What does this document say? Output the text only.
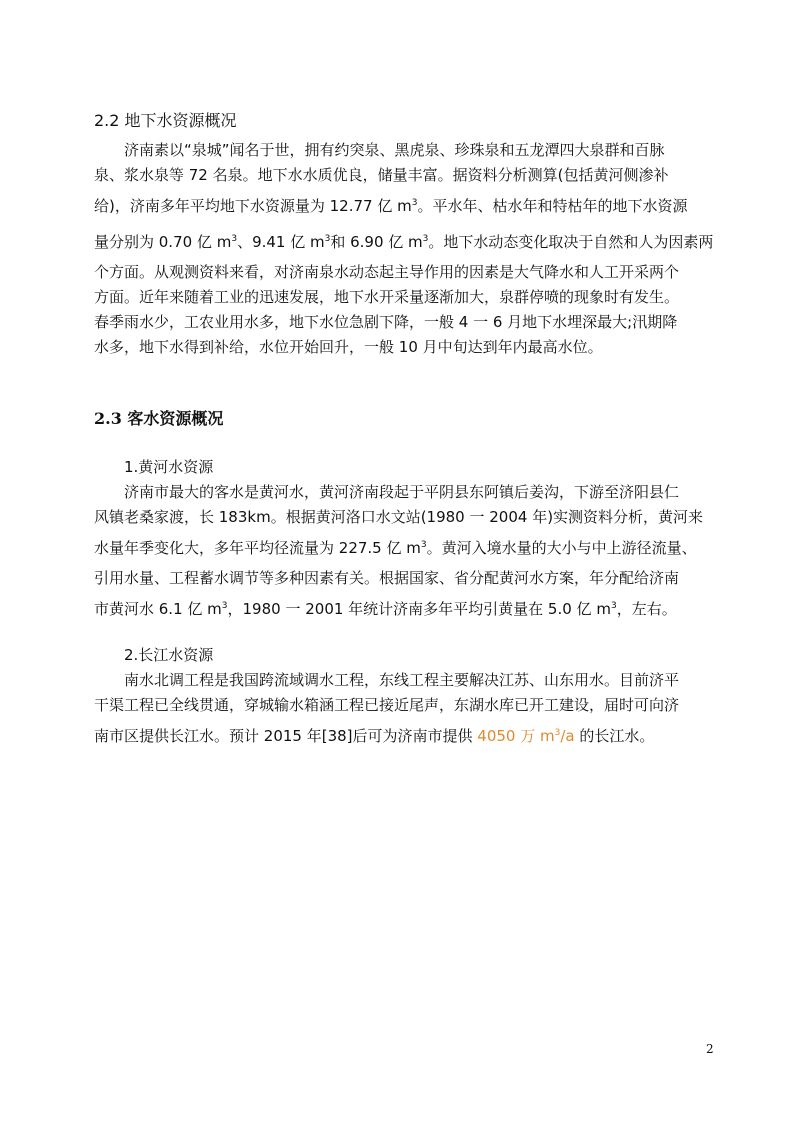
2.2 地下水资源概况
济南素以“泉城”闻名于世，拥有约突泉、黑虎泉、珍珠泉和五龙潭四大泉群和百脉
泉、浆水泉等 72 名泉。地下水水质优良，储量丰富。据资料分析测算(包括黄河侧渗补
给)，济南多年平均地下水资源量为 12.77 亿 $m^3$。平水年、枯水年和特枯年的地下水资源
量分别为 0.70 亿 $m^3$、9.41 亿 $m^3$和 6.90 亿 $m^3$。地下水动态变化取决于自然和人为因素两
个方面。从观测资料来看，对济南泉水动态起主导作用的因素是大气降水和人工开采两个
方面。近年来随着工业的迅速发展，地下水开采量逐渐加大，泉群停喷的现象时有发生。
春季雨水少，工农业用水多，地下水位急剧下降，一般 4 一 6 月地下水埋深最大;汛期降
水多，地下水得到补给，水位开始回升，一般 10 月中旬达到年内最高水位。
2.3 客水资源概况
1.黄河水资源
济南市最大的客水是黄河水，黄河济南段起于平阴县东阿镇后姜沟，下游至济阳县仁
风镇老桑家渡，长 183km。根据黄河洛口水文站(1980 一 2004 年)实测资料分析，黄河来
水量年季变化大，多年平均径流量为 227.5 亿 $m^3$。黄河入境水量的大小与中上游径流量、
引用水量、工程蓄水调节等多种因素有关。根据国家、省分配黄河水方案，年分配给济南
市黄河水 6.1 亿 $m^3$，1980 一 2001 年统计济南多年平均引黄量在 5.0 亿 $m^3$，左右。
2.长江水资源
南水北调工程是我国跨流域调水工程，东线工程主要解决江苏、山东用水。目前济平
干渠工程已全线贯通，穿城输水箱涵工程已接近尾声，东湖水库已开工建设，届时可向济
南市区提供长江水。预计 2015 年[38]后可为济南市提供 4050 万 $m^3/a$ 的长江水。
2
